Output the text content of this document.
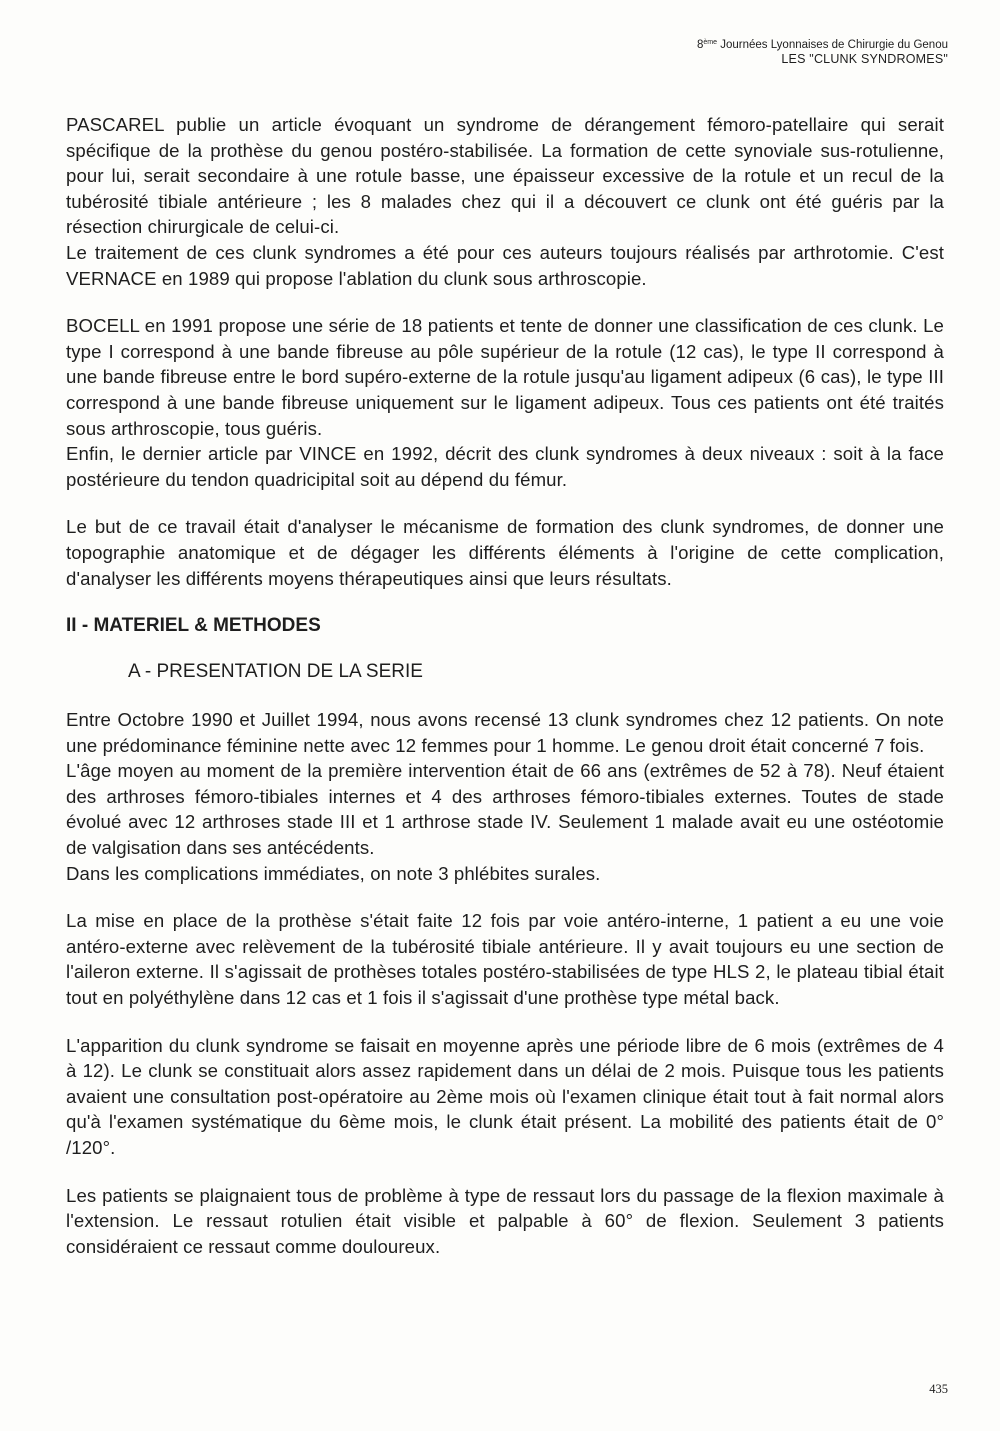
8ème Journées Lyonnaises de Chirurgie du Genou
LES "CLUNK SYNDROMES"

PASCAREL publie un article évoquant un syndrome de dérangement fémoro-patellaire qui serait spécifique de la prothèse du genou postéro-stabilisée. La formation de cette synoviale sus-rotulienne, pour lui, serait secondaire à une rotule basse, une épaisseur excessive de la rotule et un recul de la tubérosité tibiale antérieure ; les 8 malades chez qui il a découvert ce clunk ont été guéris par la résection chirurgicale de celui-ci.
Le traitement de ces clunk syndromes a été pour ces auteurs toujours réalisés par arthrotomie. C'est VERNACE en 1989 qui propose l'ablation du clunk sous arthroscopie.

BOCELL en 1991 propose une série de 18 patients et tente de donner une classification de ces clunk. Le type I correspond à une bande fibreuse au pôle supérieur de la rotule (12 cas), le type II correspond à une bande fibreuse entre le bord supéro-externe de la rotule jusqu'au ligament adipeux (6 cas), le type III correspond à une bande fibreuse uniquement sur le ligament adipeux. Tous ces patients ont été traités sous arthroscopie, tous guéris.
Enfin, le dernier article par VINCE en 1992, décrit des clunk syndromes à deux niveaux : soit à la face postérieure du tendon quadricipital soit au dépend du fémur.

Le but de ce travail était d'analyser le mécanisme de formation des clunk syndromes, de donner une topographie anatomique et de dégager les différents éléments à l'origine de cette complication, d'analyser les différents moyens thérapeutiques ainsi que leurs résultats.

II - MATERIEL & METHODES
A - PRESENTATION DE LA SERIE

Entre Octobre 1990 et Juillet 1994, nous avons recensé 13 clunk syndromes chez 12 patients. On note une prédominance féminine nette avec 12 femmes pour 1 homme. Le genou droit était concerné 7 fois.
L'âge moyen au moment de la première intervention était de 66 ans (extrêmes de 52 à 78). Neuf étaient des arthroses fémoro-tibiales internes et 4 des arthroses fémoro-tibiales externes. Toutes de stade évolué avec 12 arthroses stade III et 1 arthrose stade IV. Seulement 1 malade avait eu une ostéotomie de valgisation dans ses antécédents.
Dans les complications immédiates, on note 3 phlébites surales.

La mise en place de la prothèse s'était faite 12 fois par voie antéro-interne, 1 patient a eu une voie antéro-externe avec relèvement de la tubérosité tibiale antérieure. Il y avait toujours eu une section de l'aileron externe. Il s'agissait de prothèses totales postéro-stabilisées de type HLS 2, le plateau tibial était tout en polyéthylène dans 12 cas et 1 fois il s'agissait d'une prothèse type métal back.

L'apparition du clunk syndrome se faisait en moyenne après une période libre de 6 mois (extrêmes de 4 à 12). Le clunk se constituait alors assez rapidement dans un délai de 2 mois. Puisque tous les patients avaient une consultation post-opératoire au 2ème mois où l'examen clinique était tout à fait normal alors qu'à l'examen systématique du 6ème mois, le clunk était présent. La mobilité des patients était de 0° /120°.

Les patients se plaignaient tous de problème à type de ressaut lors du passage de la flexion maximale à l'extension. Le ressaut rotulien était visible et palpable à 60° de flexion. Seulement 3 patients considéraient ce ressaut comme douloureux.

435
